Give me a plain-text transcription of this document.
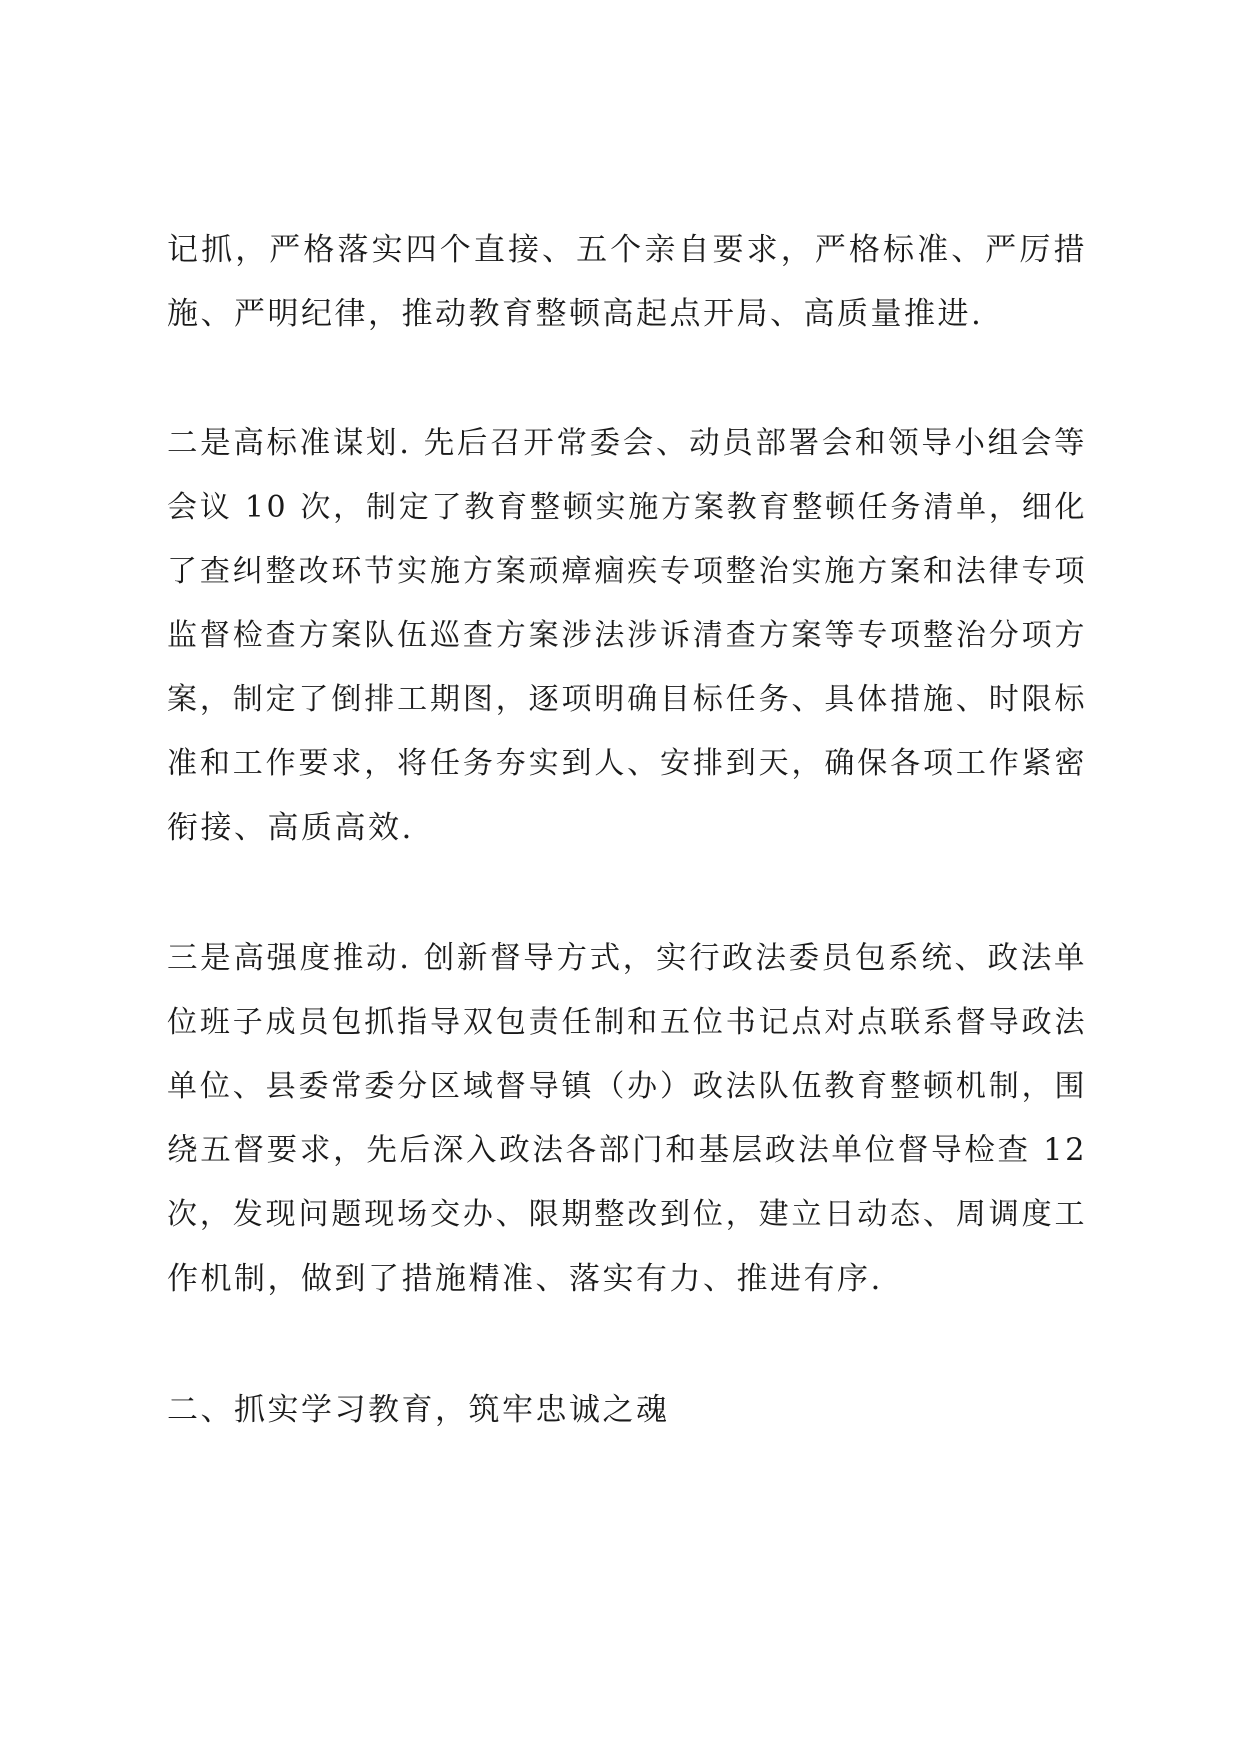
记抓，严格落实四个直接、五个亲自要求，严格标准、严厉措
施、严明纪律，推动教育整顿高起点开局、高质量推进.
二是高标准谋划. 先后召开常委会、动员部署会和领导小组会等
会议 10 次，制定了教育整顿实施方案教育整顿任务清单，细化
了查纠整改环节实施方案顽瘴痼疾专项整治实施方案和法律专项
监督检查方案队伍巡查方案涉法涉诉清查方案等专项整治分项方
案，制定了倒排工期图，逐项明确目标任务、具体措施、时限标
准和工作要求，将任务夯实到人、安排到天，确保各项工作紧密
衔接、高质高效.
三是高强度推动. 创新督导方式，实行政法委员包系统、政法单
位班子成员包抓指导双包责任制和五位书记点对点联系督导政法
单位、县委常委分区域督导镇（办）政法队伍教育整顿机制，围
绕五督要求，先后深入政法各部门和基层政法单位督导检查 12
次，发现问题现场交办、限期整改到位，建立日动态、周调度工
作机制，做到了措施精准、落实有力、推进有序.
二、抓实学习教育，筑牢忠诚之魂
